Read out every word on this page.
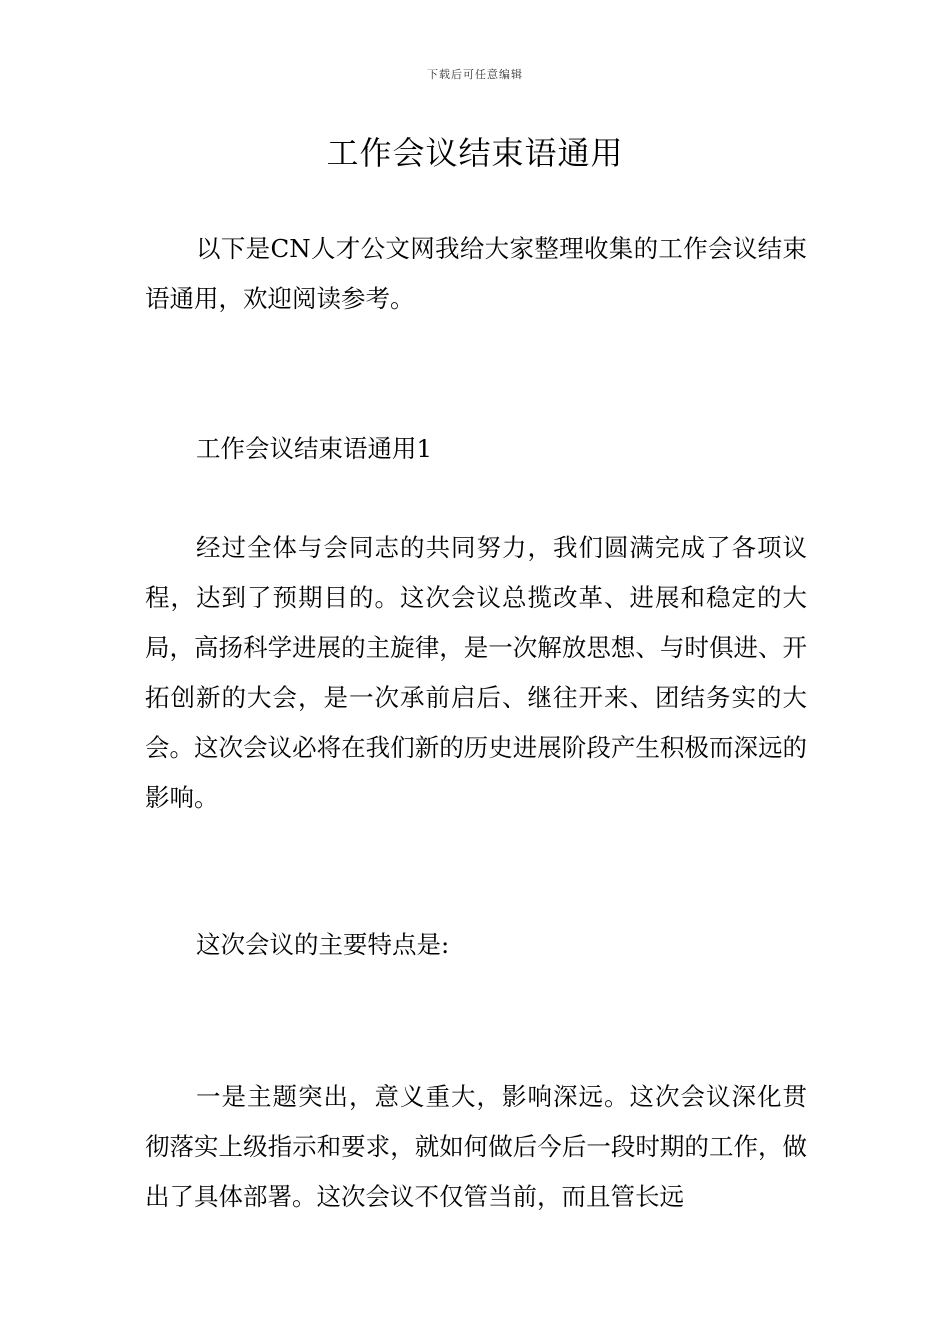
下载后可任意编辑
工作会议结束语通用

以下是CN人才公文网我给大家整理收集的工作会议结束语通用，欢迎阅读参考。

工作会议结束语通用1

经过全体与会同志的共同努力，我们圆满完成了各项议程，达到了预期目的。这次会议总揽改革、进展和稳定的大局，高扬科学进展的主旋律，是一次解放思想、与时俱进、开拓创新的大会，是一次承前启后、继往开来、团结务实的大会。这次会议必将在我们新的历史进展阶段产生积极而深远的影响。

这次会议的主要特点是:

一是主题突出，意义重大，影响深远。这次会议深化贯彻落实上级指示和要求，就如何做后今后一段时期的工作，做出了具体部署。这次会议不仅管当前，而且管长远
